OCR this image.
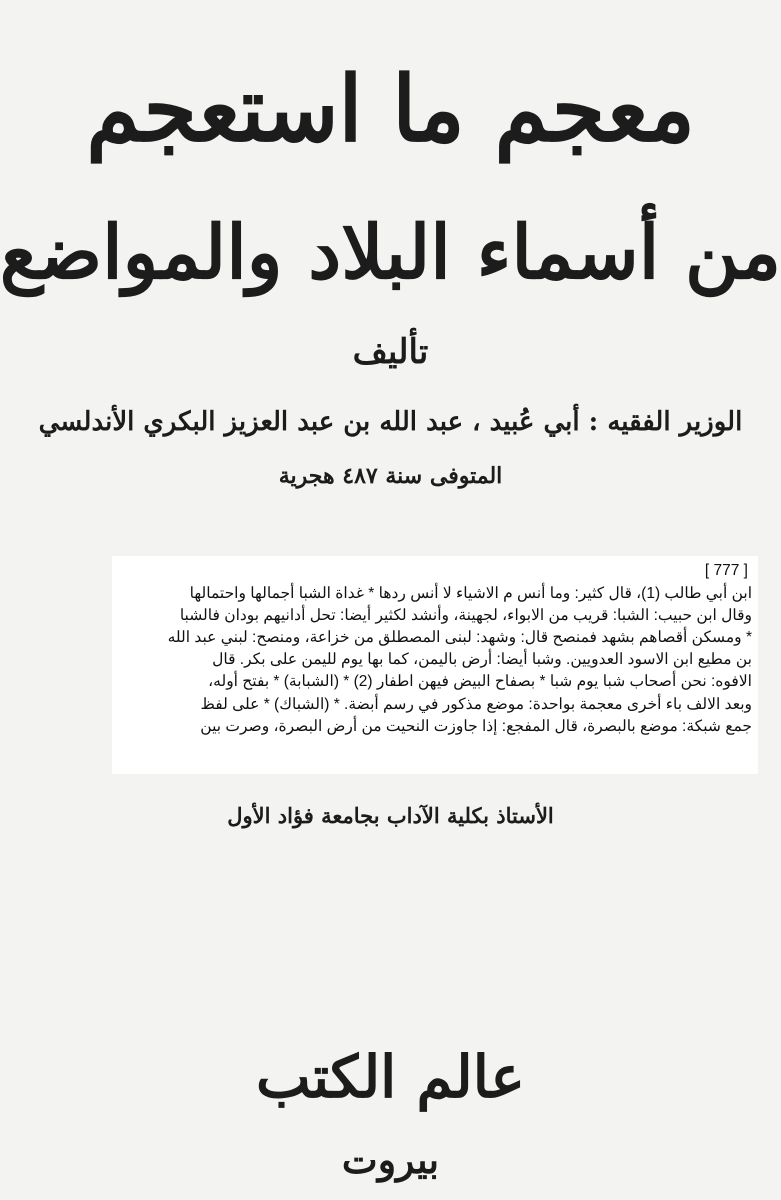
معجم ما استعجم
من أسماء البلاد والمواضع
تأليف
الوزير الفقيه : أبي عُبيد ، عبد الله بن عبد العزيز البكري الأندلسي
المتوفى سنة ٤٨٧ هجرية
[ 777 ]
ابن أبي طالب (1)، قال كثير: وما أنس م الاشياء لا أنس ردها * غداة الشبا أجمالها واحتمالها
وقال ابن حبيب: الشبا: قريب من الابواء، لجهينة، وأنشد لكثير أيضا: تحل أدانيهم بودان فالشبا
* ومسكن أقصاهم بشهد فمنصح قال: وشهد: لبنى المصطلق من خزاعة، ومنصح: لبني عبد الله
بن مطيع ابن الاسود العدويين. وشبا أيضا: أرض باليمن، كما بها يوم لليمن على بكر. قال
الافوه: نحن أصحاب شبا يوم شبا * بصفاح البيض فيهن اطفار (2) * (الشبابة) * بفتح أوله،
وبعد الالف باء أخرى معجمة بواحدة: موضع مذكور في رسم أبضة. * (الشباك) * على لفظ
جمع شبكة: موضع بالبصرة، قال المفجع: إذا جاوزت النحيت من أرض البصرة، وصرت بين
الأستاذ بكلية الآداب بجامعة فؤاد الأول
عالم الكتب
بيروت
